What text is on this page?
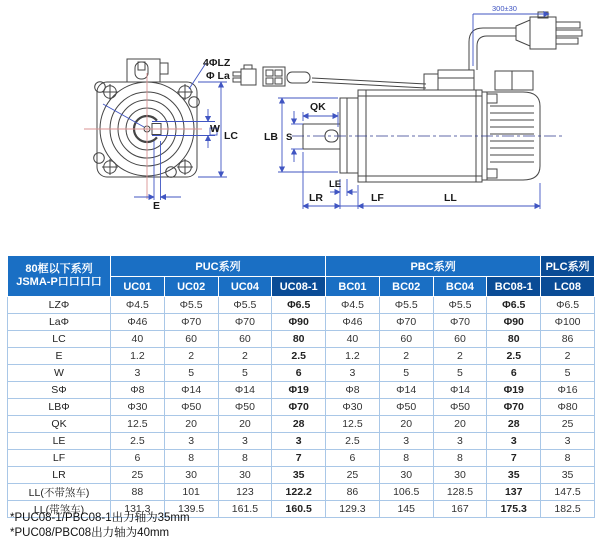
4ΦLZ
Φ La
W
LC
E
300±30
QK
LB S
LE
LR	LF	LL
80框以下系列
JSMA-P口口口口	PUC系列				PBC系列				PLC系列
	UC01	UC02	UC04	UC08-1	BC01	BC02	BC04	BC08-1	LC08
LZΦ	Φ4.5	Φ5.5	Φ5.5	Φ6.5	Φ4.5	Φ5.5	Φ5.5	Φ6.5	Φ6.5
LaΦ	Φ46	Φ70	Φ70	Φ90	Φ46	Φ70	Φ70	Φ90	Φ100
LC	40	60	60	80	40	60	60	80	86
E	1.2	2	2	2.5	1.2	2	2	2.5	2
W	3	5	5	6	3	5	5	6	5
SΦ	Φ8	Φ14	Φ14	Φ19	Φ8	Φ14	Φ14	Φ19	Φ16
LBΦ	Φ30	Φ50	Φ50	Φ70	Φ30	Φ50	Φ50	Φ70	Φ80
QK	12.5	20	20	28	12.5	20	20	28	25
LE	2.5	3	3	3	2.5	3	3	3	3
LF	6	8	8	7	6	8	8	7	8
LR	25	30	30	35	25	30	30	35	35
LL(不带煞车)	88	101	123	122.2	86	106.5	128.5	137	147.5
LL(带煞车)	131.3	139.5	161.5	160.5	129.3	145	167	175.3	182.5
*PUC08-1/PBC08-1出力轴为35mm
*PUC08/PBC08出力轴为40mm
